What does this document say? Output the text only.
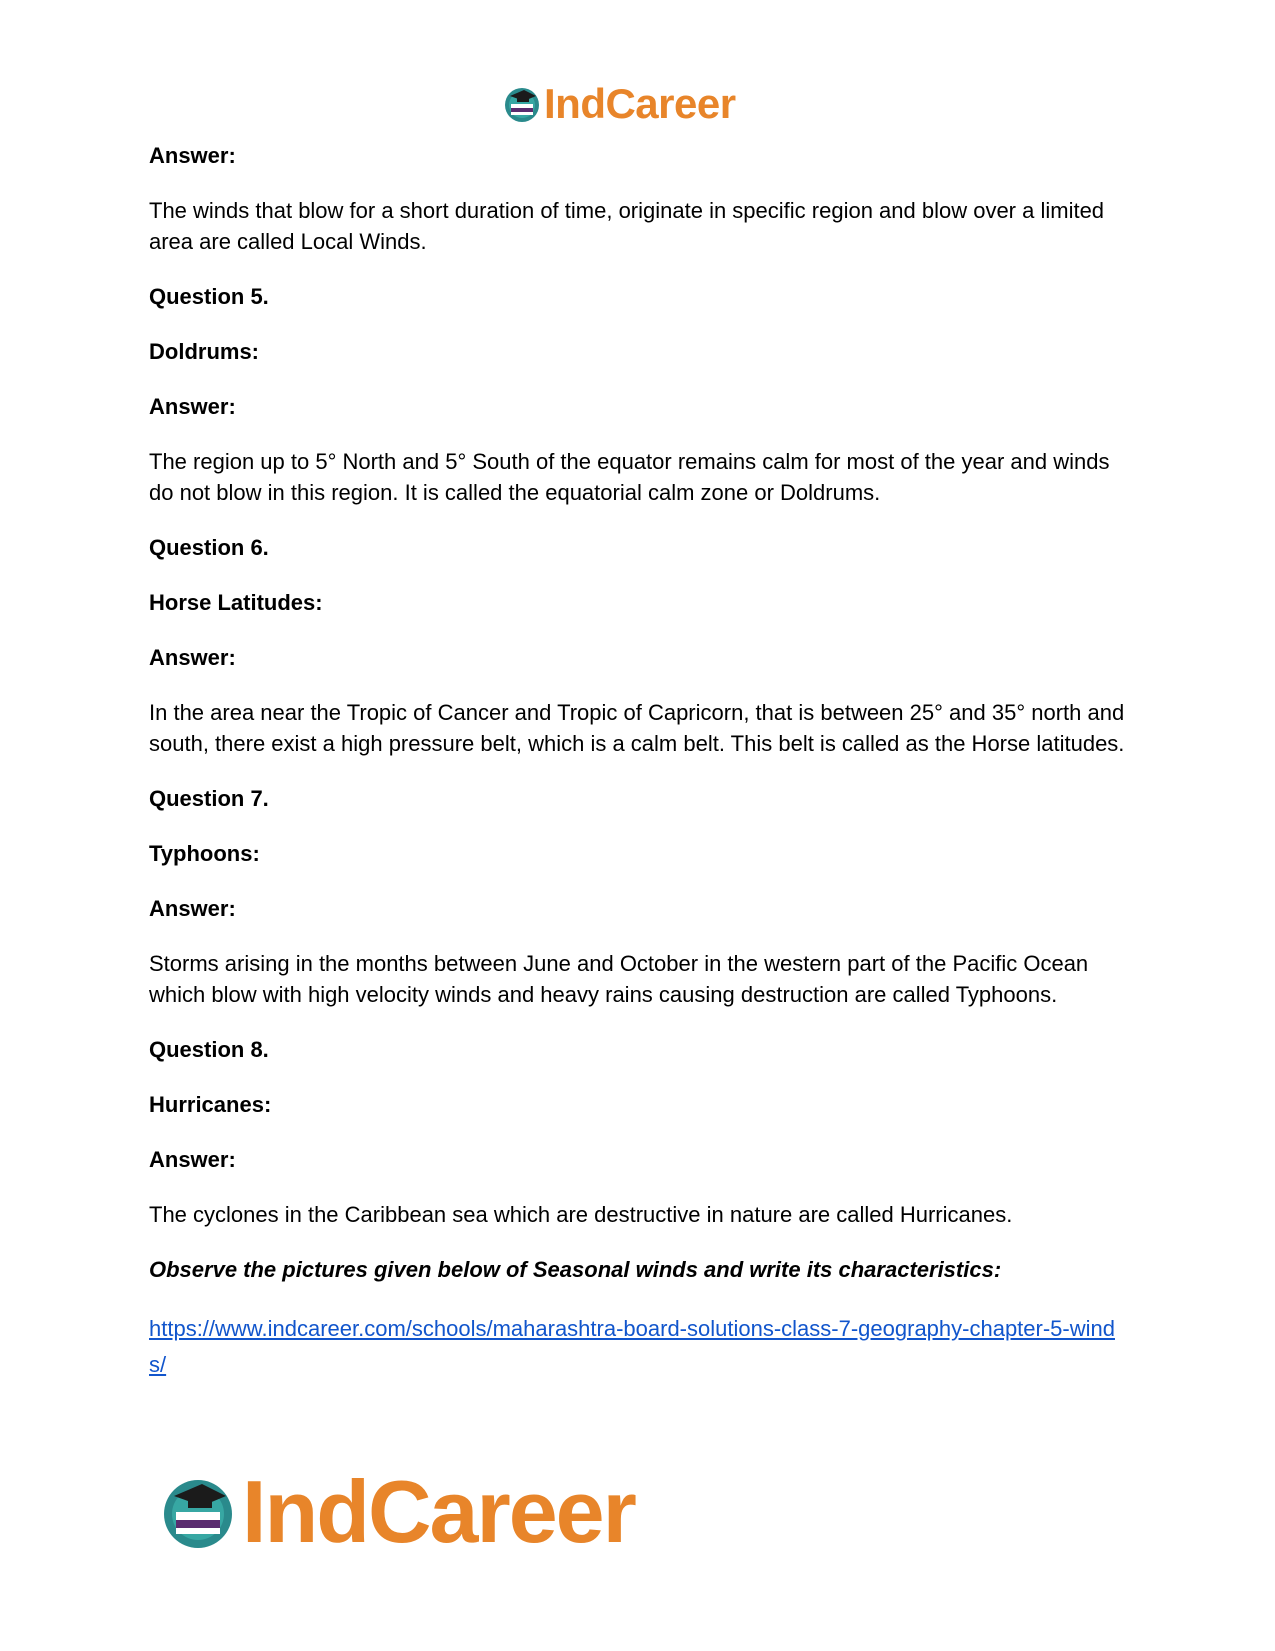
IndCareer

Answer:

The winds that blow for a short duration of time, originate in specific region and blow over a limited area are called Local Winds.

Question 5.

Doldrums:

Answer:

The region up to 5° North and 5° South of the equator remains calm for most of the year and winds do not blow in this region. It is called the equatorial calm zone or Doldrums.

Question 6.

Horse Latitudes:

Answer:

In the area near the Tropic of Cancer and Tropic of Capricorn, that is between 25° and 35° north and south, there exist a high pressure belt, which is a calm belt. This belt is called as the Horse latitudes.

Question 7.

Typhoons:

Answer:

Storms arising in the months between June and October in the western part of the Pacific Ocean which blow with high velocity winds and heavy rains causing destruction are called Typhoons.

Question 8.

Hurricanes:

Answer:

The cyclones in the Caribbean sea which are destructive in nature are called Hurricanes.

Observe the pictures given below of Seasonal winds and write its characteristics:

https://www.indcareer.com/schools/maharashtra-board-solutions-class-7-geography-chapter-5-winds/
IndCareer
